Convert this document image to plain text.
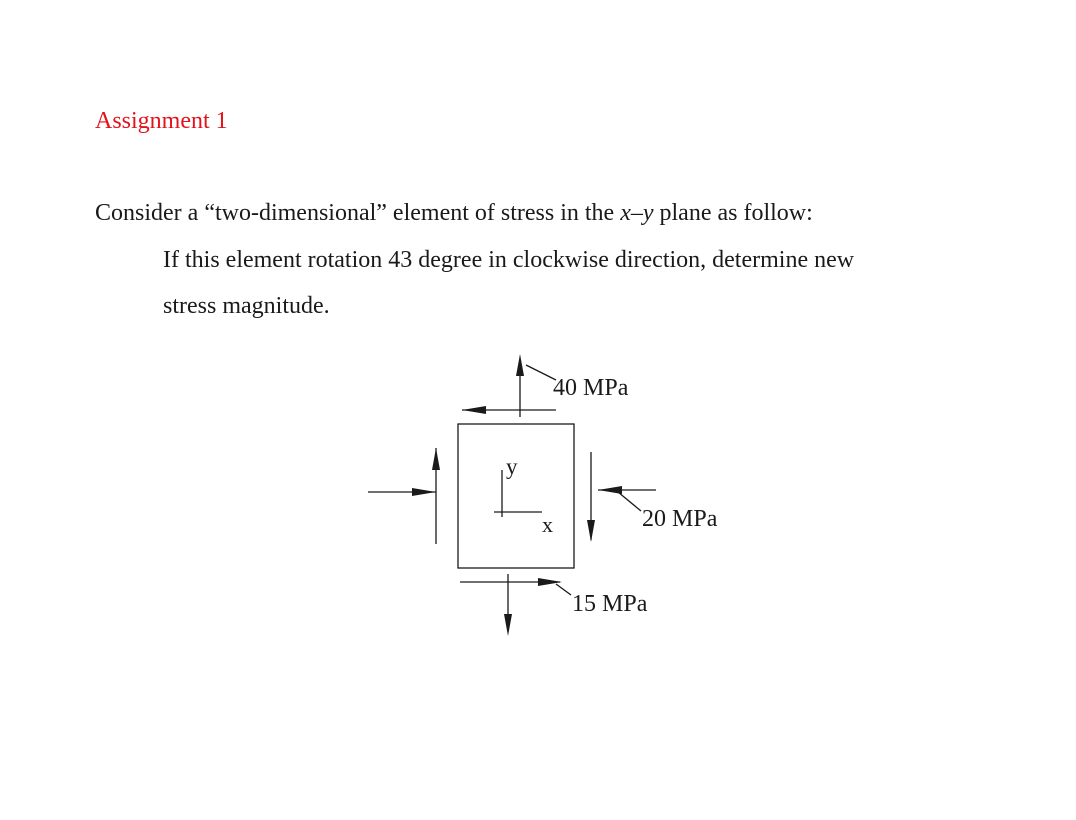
Assignment 1
Consider a “two-dimensional” element of stress in the x–y plane as follow:
If this element rotation 43 degree in clockwise direction, determine new
stress magnitude.
40 MPa
20 MPa
15 MPa
y
x
